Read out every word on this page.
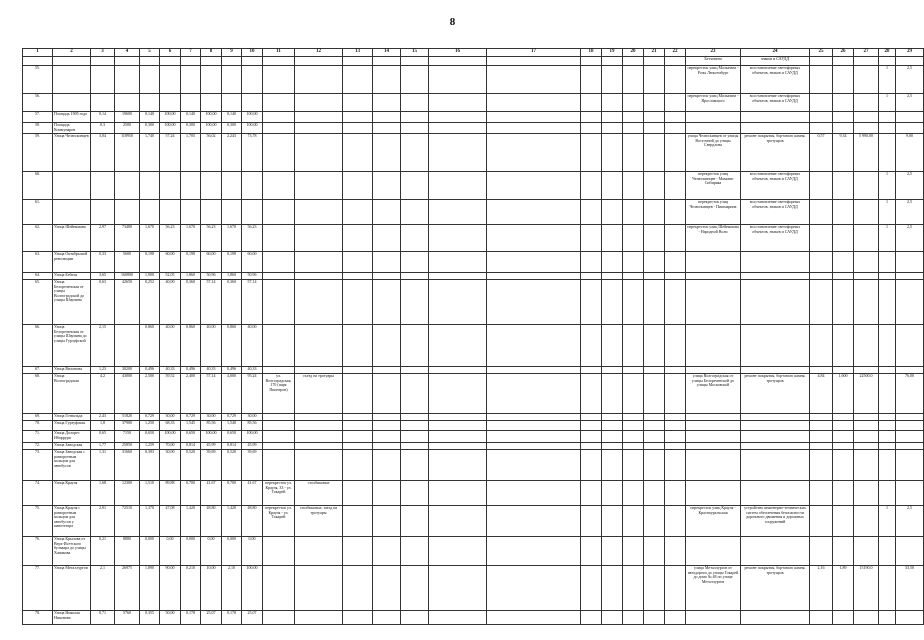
8
1	2	3	4	5	6	7	8	9	10	11	12	13	14	15	16	17	18	19	20	21	22	23	24	25	26	27	28	29
																						Бетховена	знаков и САУДД					
55.																						перекресток улиц Малыгина - Розы Люксембург	восстановление светофорных объектов, знаков и САУДД				1	2,5
56.																						перекресток улиц Малыгина - Ярославского	восстановление светофорных объектов, знаков и САУДД				1	2,5
57.	Площадь 1905 года	0,14	19600	0,140	100,00	0,140	100,00	0,140	100,00																			
58.	Площадь Коммунаров	0,3	2500	0,300	100,00	0,300	100,00	0,300	100,00																			
59.	Улица Челюскинцев	3,04	118950	1,740	57,24	1,705	56,02	2,243	73,78													улица Челюскинцев от улицы Восточной до улицы Свердлова	ремонт покрытия, бортового камня, тротуаров	0,57	9,34	5 990,00		9,00
60.																						перекресток улиц Челюскинцев - Мамина-Сибиряка	восстановление светофорных объектов, знаков и САУДД				1	2,5
61.																						перекресток улиц Челюскинцев - Пишмарина	восстановление светофорных объектов, знаков и САУДД				1	2,5
62.	Улица Шейнкмана	2,97	73480	1,670	56,23	1,670	56,23	1,670	56,23													перекресток улиц Шейнкмана - Народной Воли	восстановление светофорных объектов, знаков и САУДД				1	2,5
63.	Улица Октябрьской революции	0,33	5600	0,198	60,00	0,198	60,00	0,198	60,00																			
64.	Улица Бебеля	3,65	160800	1,900	52,05	1,860	50,96	1,860	50,96																			
65.	Улица Белореченская от улицы Волгоградской до улицы Шаумяна	0,63	42650	0,252	40,00	0,360	57,14	0,360	57,14																			
66.	Улица Белореченская от улицы Шаумяна до улицы Гурзуфской	2,15		0,860	40,00	0,860	40,00	0,860	40,00																			
67.	Улица Вилонова	1,23	30200	0,496	40,33	0,496	40,33	0,496	40,33																			
68.	Улица Волгоградская	4,2	43000	2,500	59,52	2,400	57,14	4,000	95,24	ул. Волгоградская, 170 (парк Пионеров)	съезд на тротуары											улица Волгоградская от улицы Белореченской до улицы Московской	ремонт покрытия, бортового камня, тротуаров	4,84	1,600	22500,0		76,00
69.	Улица Готвальда	2,43	51820	0,729	30,00	0,729	30,00	0,729	30,00																			
70.	Улица Гурзуфская	1,8	37900	1,250	68,33	1,545	85,56	1,540	85,56																			
71.	Улица Долорес Ибаррури	0,65	7150	0,650	100,00	0,650	100,00	0,650	100,00																			
72.	Улица Заводская	1,77	25850	1,259	70,00	0,814	45,99	0,814	45,99																			
73.	Улица Заводская с разворотным кольцом для автобусов	1,31	31660	0,393	30,00	0,520	39,69	0,520	39,69																			
74.	Улица Крауля	1,68	12300	1,510	89,88	0,700	41,67	0,700	41,67	перекресток ул. Крауля, 33 - ул. Токарей	столбиковые																	
75.	Улица Крауля с разворотным кольцом для автобусов у кинотеатра	2,91	72510	1,370	47,08	1,420	48,80	1,420	48,80	перекресток ул. Крауля - ул. Токарей	столбиковые, заезд на тротуары											перекресток улиц Крауля - Красноуральская	устройство инженерно-технических систем обеспечения безопасности дорожного движения и дорожных сооружений				1	2,5
76.	Улица Крылова от Верх-Исетского бульвара до улицы Хомякова	0,21	8880	0,000	0,00	0,000	0,00	0,000	0,00																			
77.	Улица Металлургов	2,1	26975	1,890	90,00	0,210	10,00	2,10	100,00													улица Металлургов от автодороги до улицы Токарей до дома № 48 по улице Металлургов	ремонт покрытия, бортового камня, тротуаров	2,16	1,89	15190,0		33,50
78.	Улица Николая Никонова	0,71	5760	0,355	50,00	0,178	25,07	0,178	25,07																			
